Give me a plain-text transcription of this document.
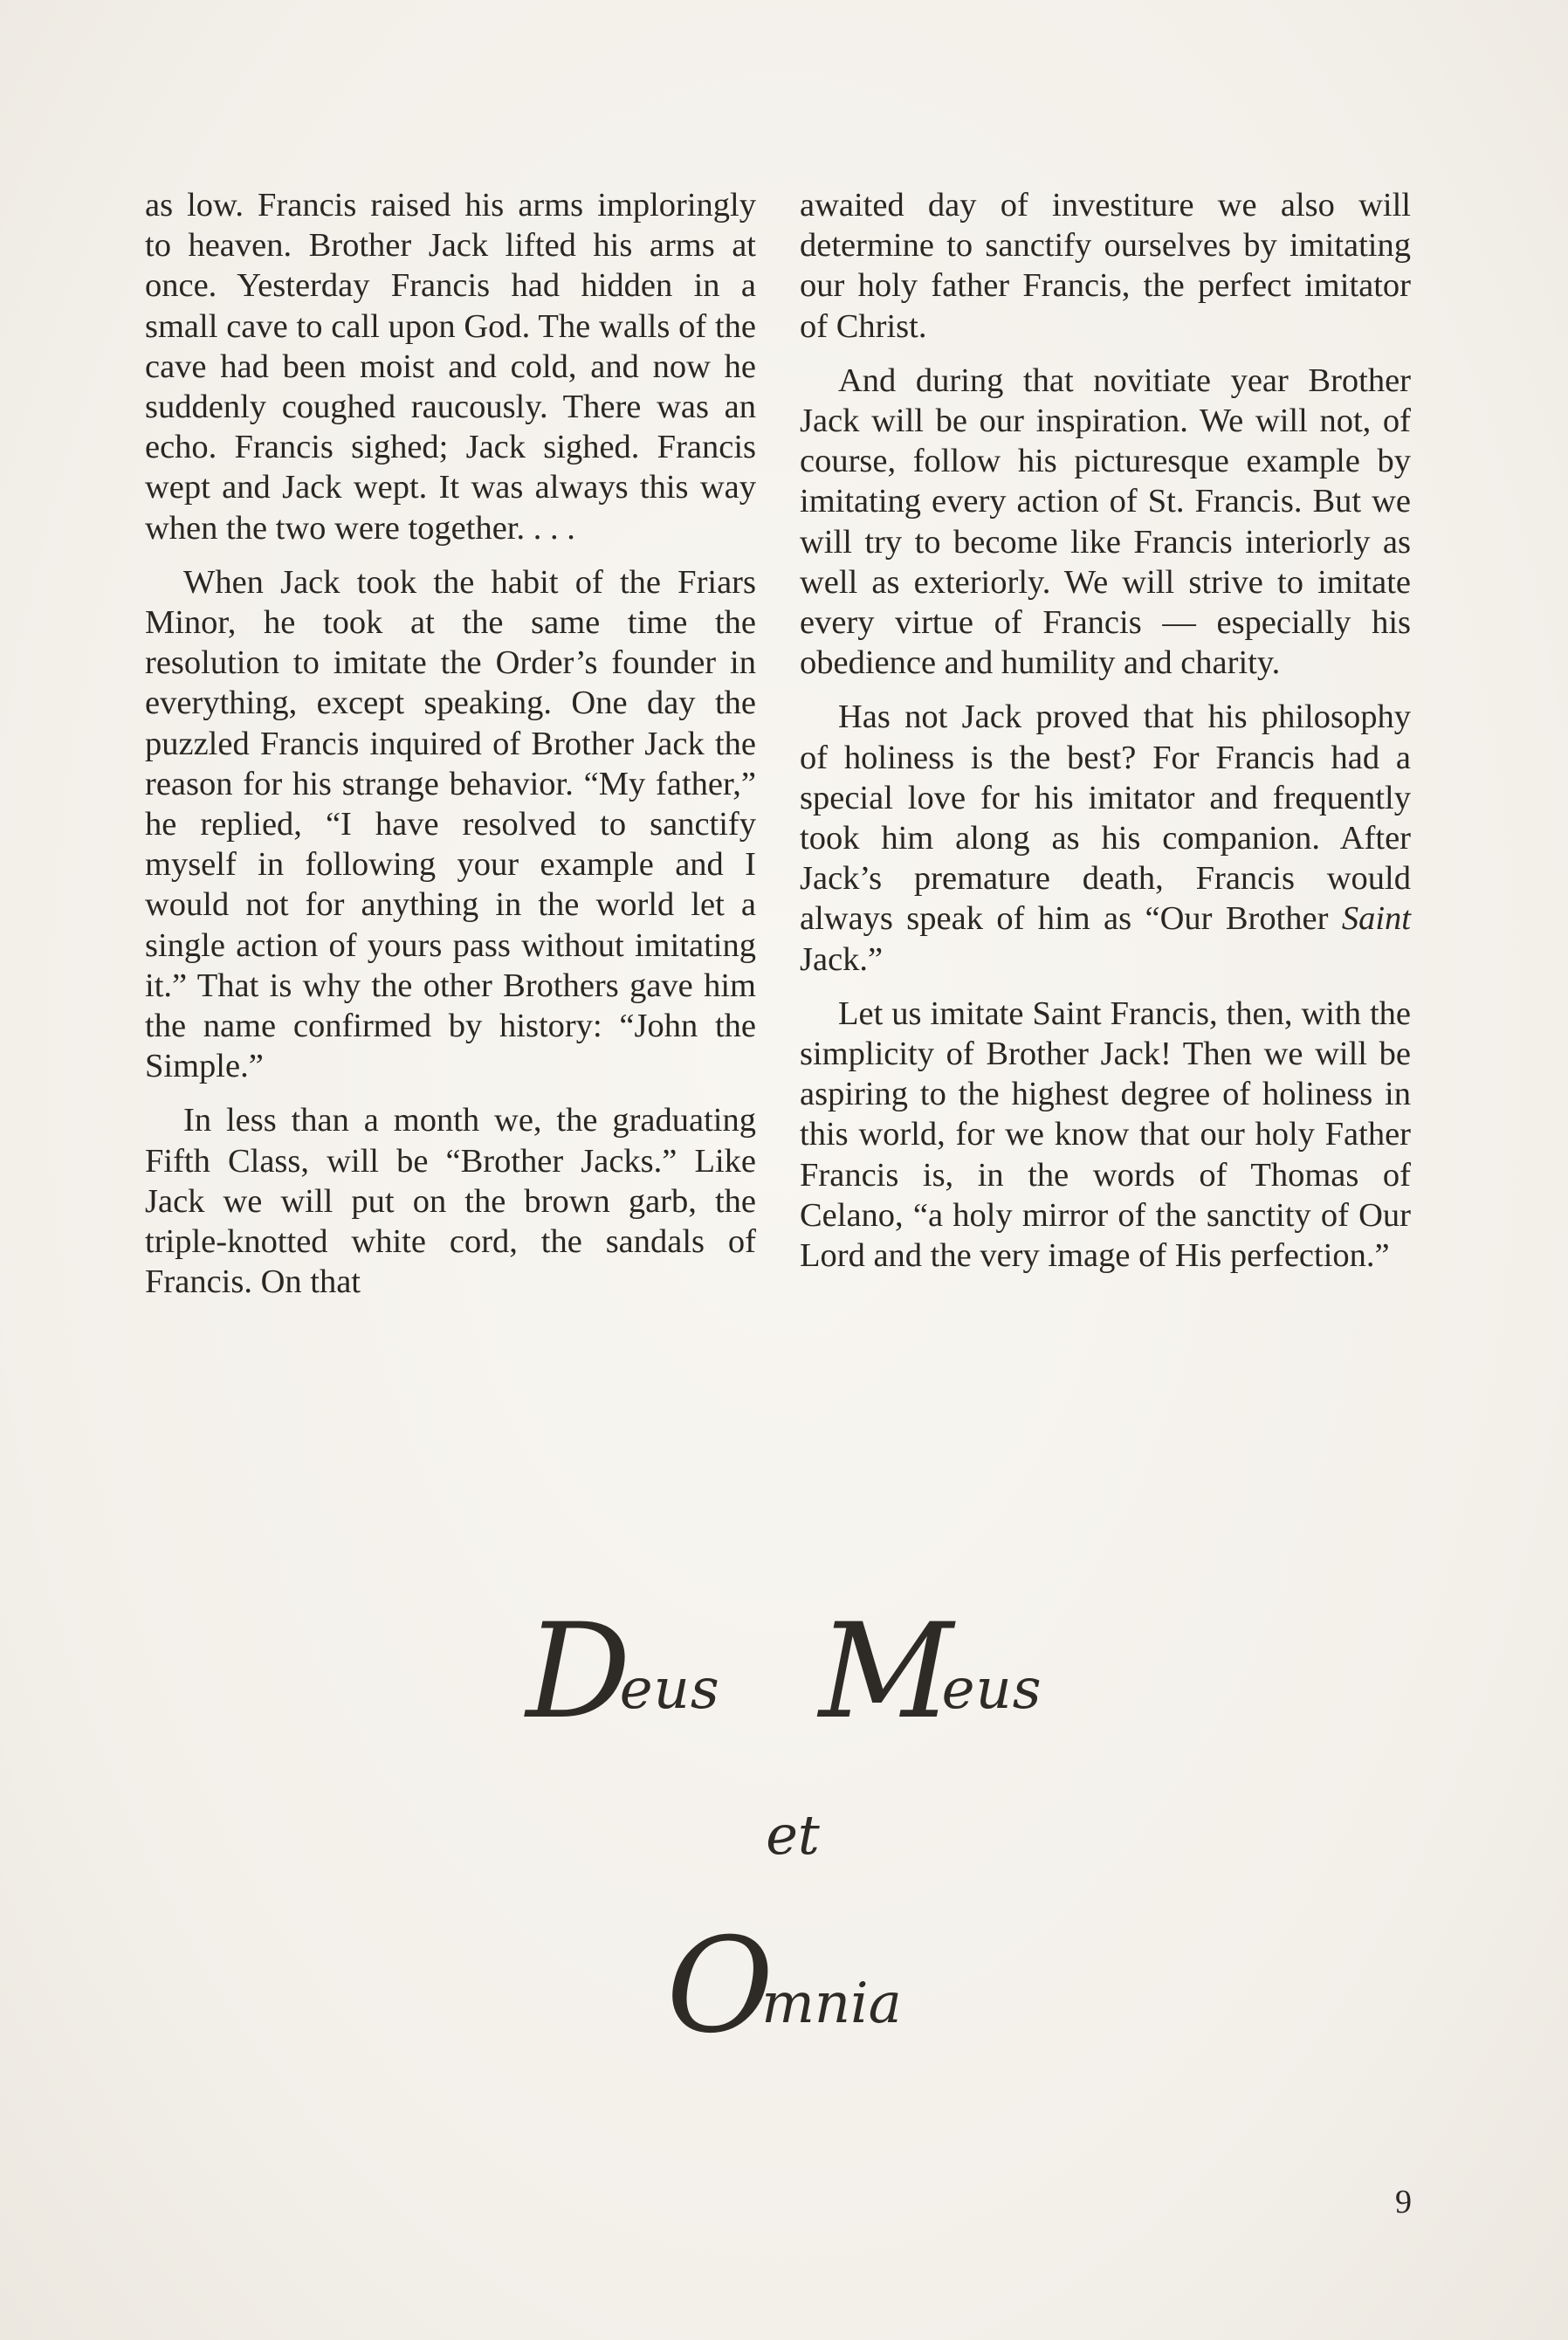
as low. Francis raised his arms imploringly to heaven. Brother Jack lifted his arms at once. Yesterday Francis had hidden in a small cave to call upon God. The walls of the cave had been moist and cold, and now he suddenly coughed raucously. There was an echo. Francis sighed; Jack sighed. Francis wept and Jack wept. It was always this way when the two were together. . . .

When Jack took the habit of the Friars Minor, he took at the same time the resolution to imitate the Order’s founder in everything, except speaking. One day the puzzled Francis inquired of Brother Jack the reason for his strange behavior. “My father,” he replied, “I have resolved to sanctify myself in following your example and I would not for anything in the world let a single action of yours pass without imitating it.” That is why the other Brothers gave him the name confirmed by history: “John the Simple.”

In less than a month we, the graduating Fifth Class, will be “Brother Jacks.” Like Jack we will put on the brown garb, the triple-knotted white cord, the sandals of Francis. On that

awaited day of investiture we also will determine to sanctify ourselves by imitating our holy father Francis, the perfect imitator of Christ.

And during that novitiate year Brother Jack will be our inspiration. We will not, of course, follow his picturesque example by imitating every action of St. Francis. But we will try to become like Francis interiorly as well as exteriorly. We will strive to imitate every virtue of Francis — especially his obedience and humility and charity.

Has not Jack proved that his philosophy of holiness is the best? For Francis had a special love for his imitator and frequently took him along as his companion. After Jack’s premature death, Francis would always speak of him as “Our Brother Saint Jack.”

Let us imitate Saint Francis, then, with the simplicity of Brother Jack! Then we will be aspiring to the highest degree of holiness in this world, for we know that our holy Father Francis is, in the words of Thomas of Celano, “a holy mirror of the sanctity of Our Lord and the very image of His perfection.”

Deus Meus
et
Omnia
9
